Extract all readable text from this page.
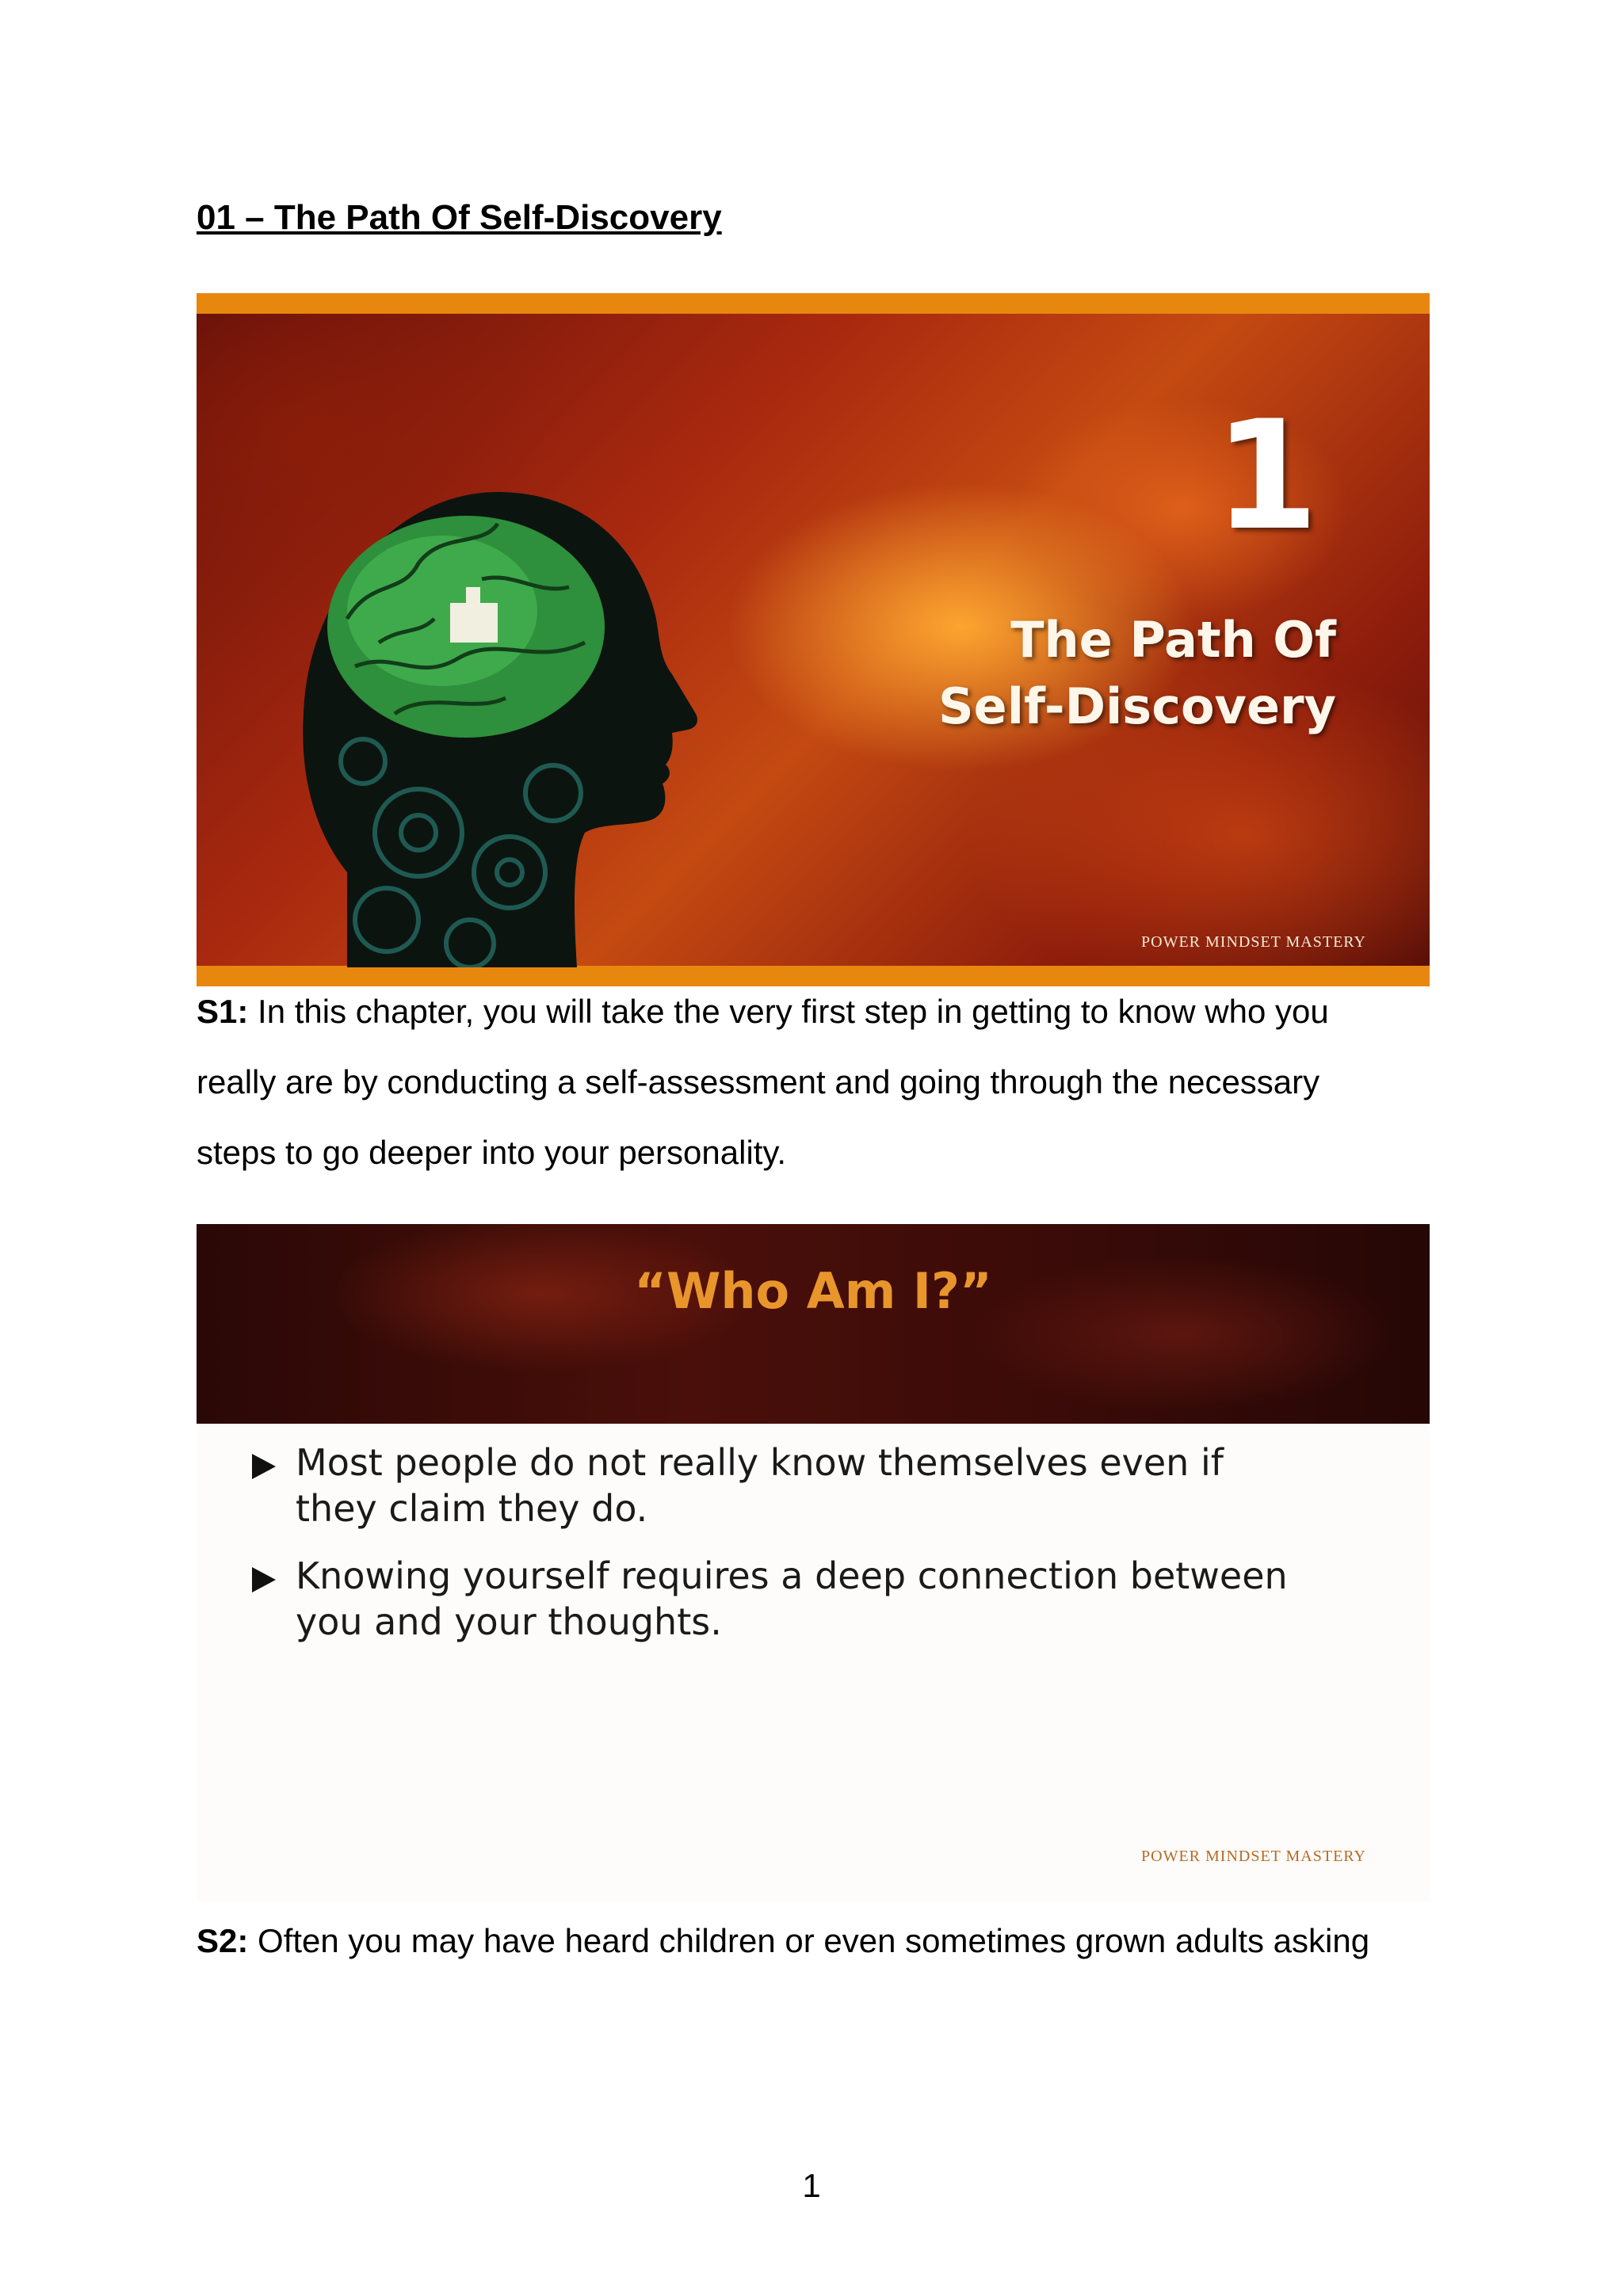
01 – The Path Of Self-Discovery
1
The Path Of
Self-Discovery
POWER MINDSET MASTERY
S1: In this chapter, you will take the very first step in getting to know who you
really are by conducting a self-assessment and going through the necessary
steps to go deeper into your personality.
“Who Am I?”
Most people do not really know themselves even if
they claim they do.
Knowing yourself requires a deep connection between
you and your thoughts.
POWER MINDSET MASTERY
S2: Often you may have heard children or even sometimes grown adults asking
1
